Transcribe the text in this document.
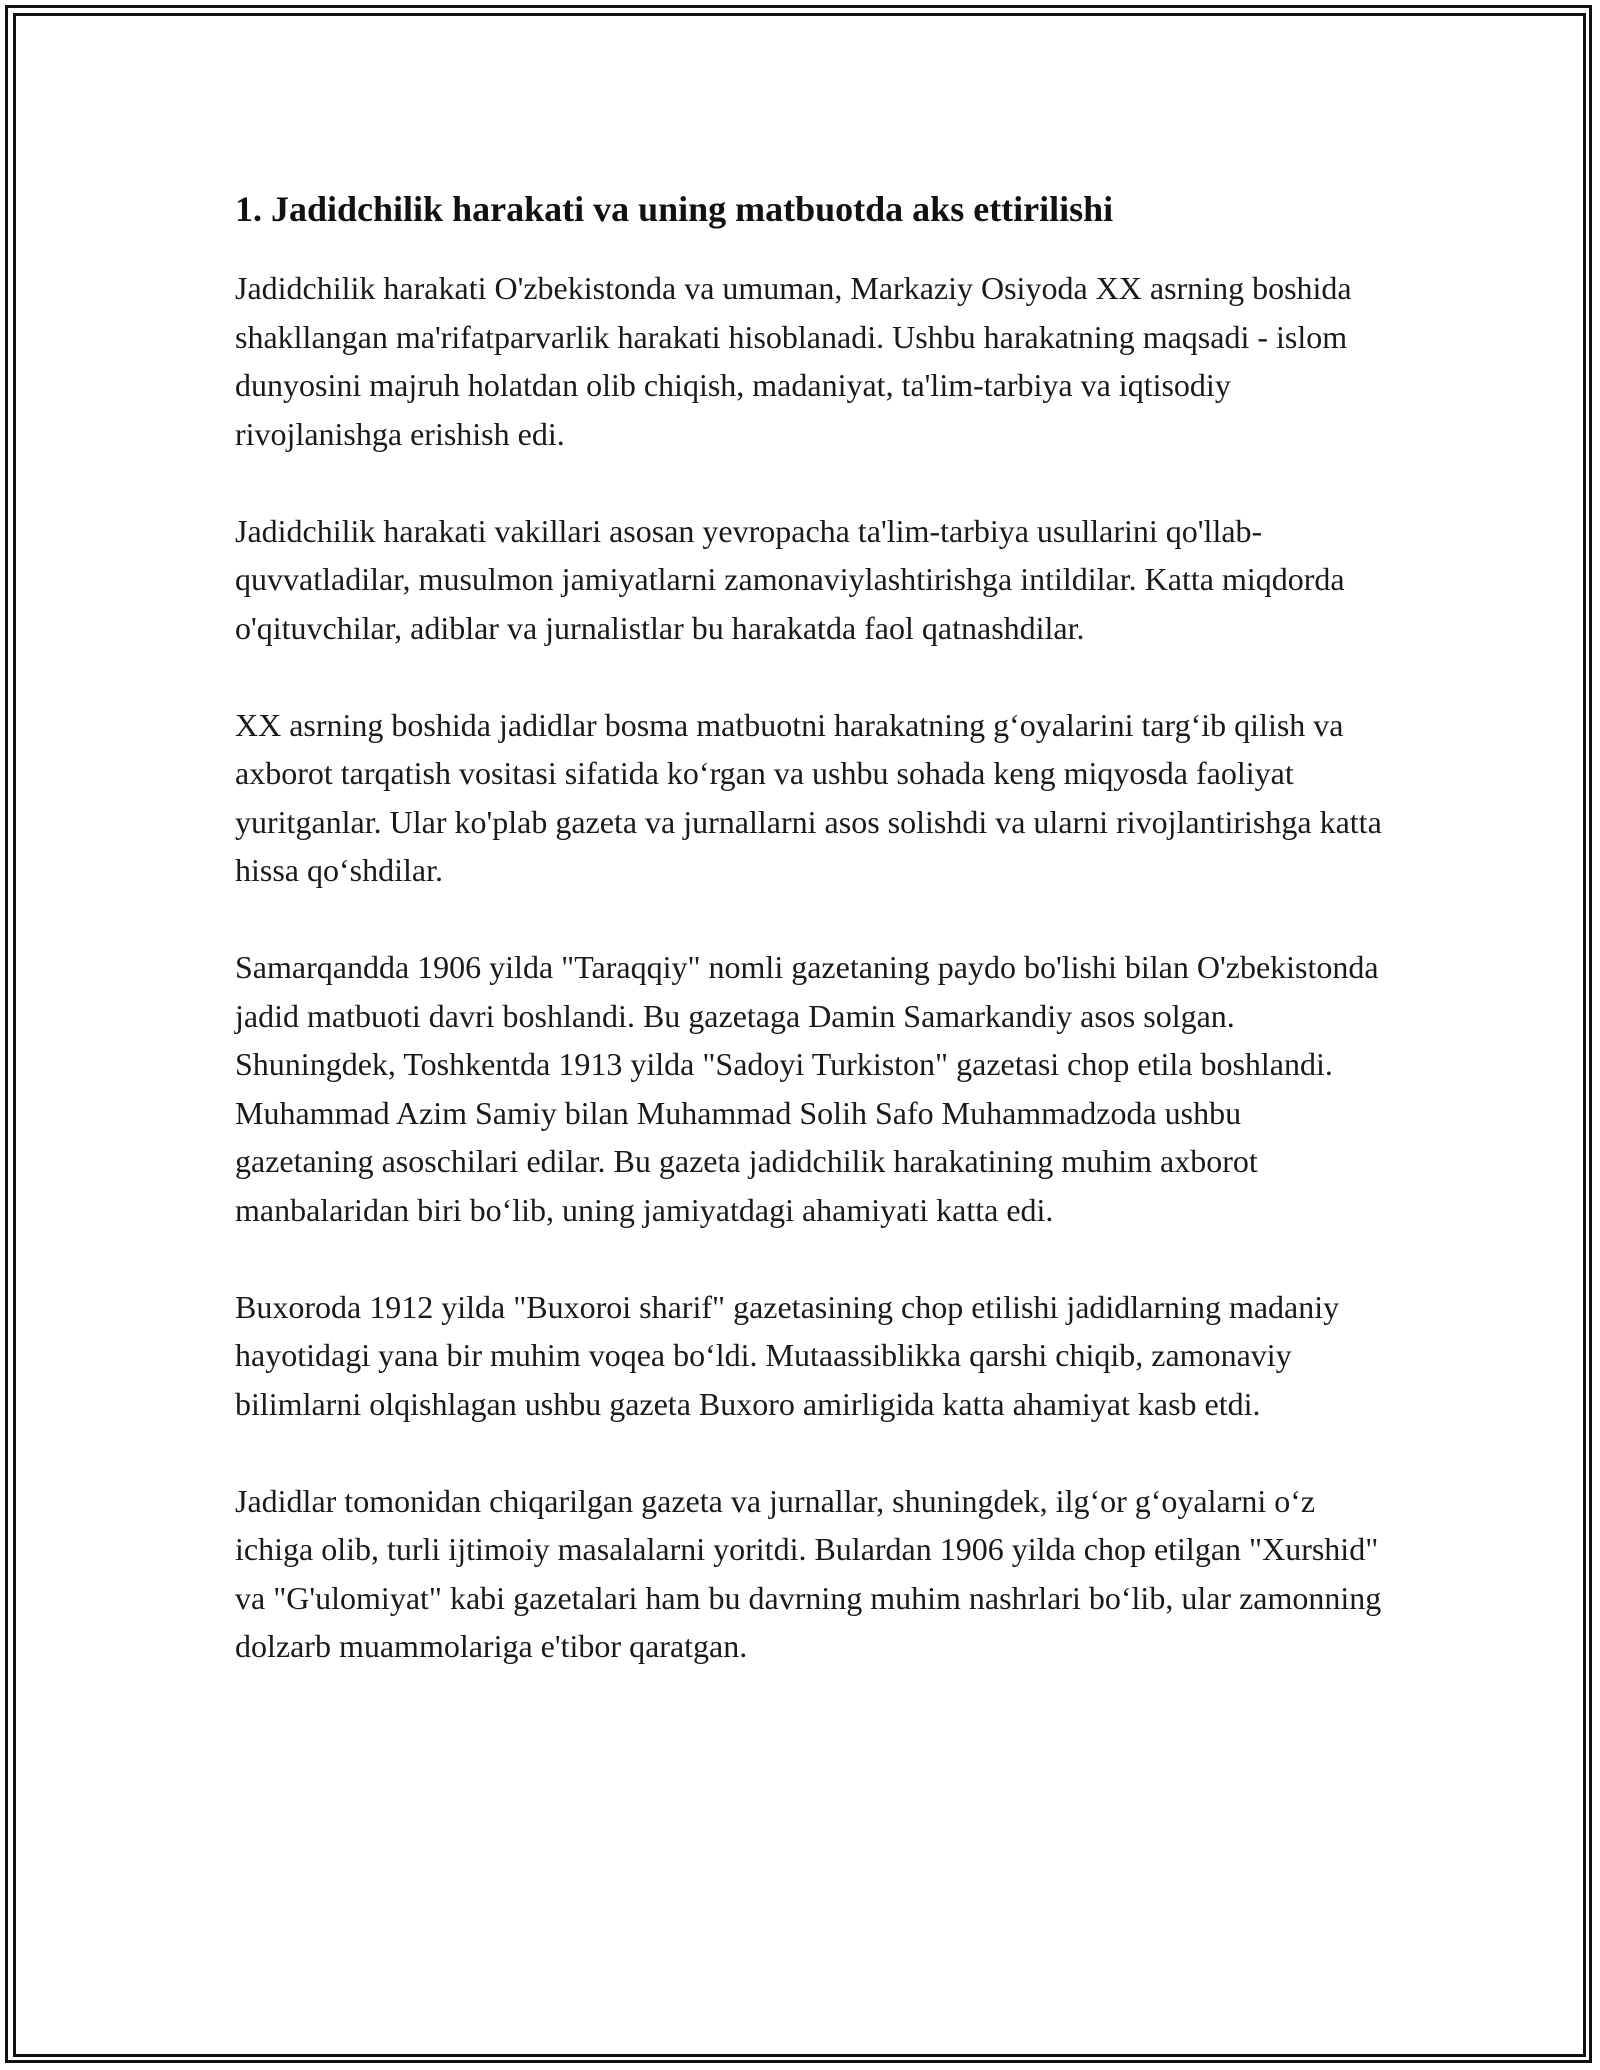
1. Jadidchilik harakati va uning matbuotda aks ettirilishi

Jadidchilik harakati O'zbekistonda va umuman, Markaziy Osiyoda XX asrning boshida shakllangan ma'rifatparvarlik harakati hisoblanadi. Ushbu harakatning maqsadi - islom dunyosini majruh holatdan olib chiqish, madaniyat, ta'lim-tarbiya va iqtisodiy rivojlanishga erishish edi.

Jadidchilik harakati vakillari asosan yevropacha ta'lim-tarbiya usullarini qo'llab-quvvatladilar, musulmon jamiyatlarni zamonaviylashtirishga intildilar. Katta miqdorda o'qituvchilar, adiblar va jurnalistlar bu harakatda faol qatnashdilar.

XX asrning boshida jadidlar bosma matbuotni harakatning g‘oyalarini targ‘ib qilish va axborot tarqatish vositasi sifatida ko‘rgan va ushbu sohada keng miqyosda faoliyat yuritganlar. Ular ko'plab gazeta va jurnallarni asos solishdi va ularni rivojlantirishga katta hissa qo‘shdilar.

Samarqandda 1906 yilda "Taraqqiy" nomli gazetaning paydo bo'lishi bilan O'zbekistonda jadid matbuoti davri boshlandi. Bu gazetaga Damin Samarkandiy asos solgan. Shuningdek, Toshkentda 1913 yilda "Sadoyi Turkiston" gazetasi chop etila boshlandi. Muhammad Azim Samiy bilan Muhammad Solih Safo Muhammadzoda ushbu gazetaning asoschilari edilar. Bu gazeta jadidchilik harakatining muhim axborot manbalaridan biri bo‘lib, uning jamiyatdagi ahamiyati katta edi.

Buxoroda 1912 yilda "Buxoroi sharif" gazetasining chop etilishi jadidlarning madaniy hayotidagi yana bir muhim voqea bo‘ldi. Mutaassiblikka qarshi chiqib, zamonaviy bilimlarni olqishlagan ushbu gazeta Buxoro amirligida katta ahamiyat kasb etdi.

Jadidlar tomonidan chiqarilgan gazeta va jurnallar, shuningdek, ilg‘or g‘oyalarni o‘z ichiga olib, turli ijtimoiy masalalarni yoritdi. Bulardan 1906 yilda chop etilgan "Xurshid" va "G'ulomiyat" kabi gazetalari ham bu davrning muhim nashrlari bo‘lib, ular zamonning dolzarb muammolariga e'tibor qaratgan.
